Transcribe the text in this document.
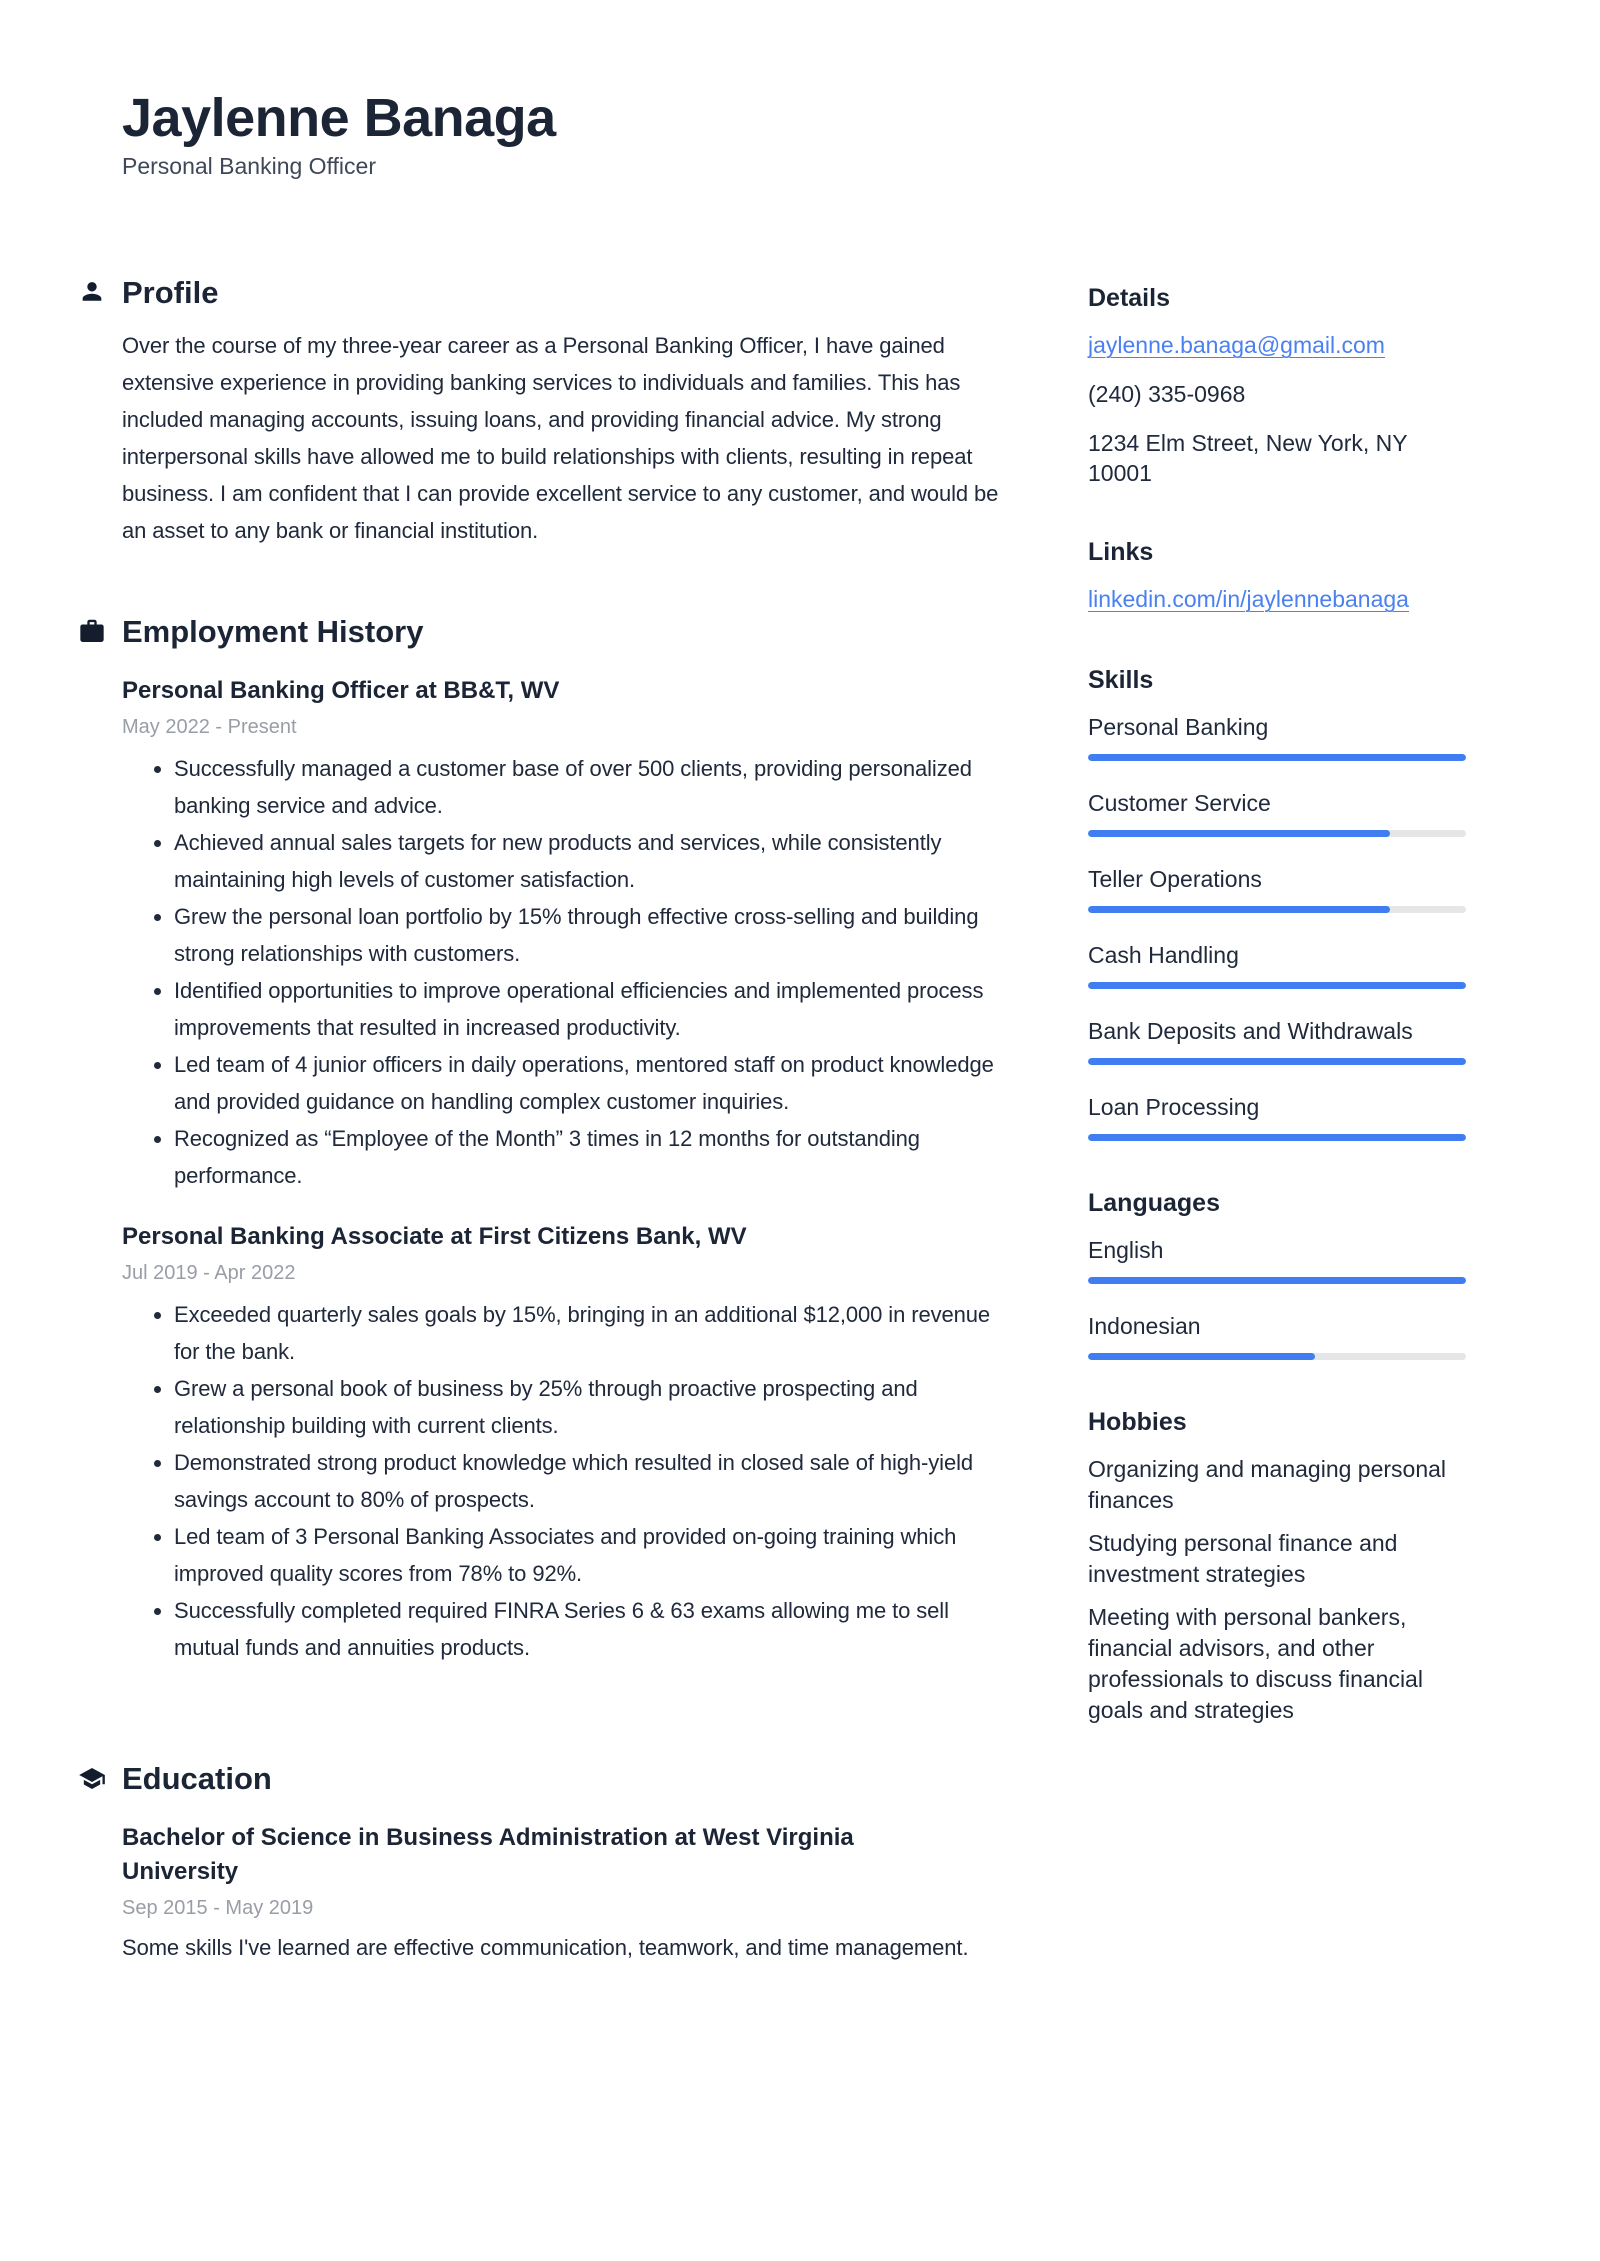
Jaylenne Banaga
Personal Banking Officer
Profile

Over the course of my three-year career as a Personal Banking Officer, I have gained extensive experience in providing banking services to individuals and families. This has included managing accounts, issuing loans, and providing financial advice. My strong interpersonal skills have allowed me to build relationships with clients, resulting in repeat business. I am confident that I can provide excellent service to any customer, and would be an asset to any bank or financial institution.

Employment History
Personal Banking Officer at BB&T, WV
May 2022 - Present
• Successfully managed a customer base of over 500 clients, providing personalized banking service and advice.
• Achieved annual sales targets for new products and services, while consistently maintaining high levels of customer satisfaction.
• Grew the personal loan portfolio by 15% through effective cross-selling and building strong relationships with customers.
• Identified opportunities to improve operational efficiencies and implemented process improvements that resulted in increased productivity.
• Led team of 4 junior officers in daily operations, mentored staff on product knowledge and provided guidance on handling complex customer inquiries.
• Recognized as “Employee of the Month” 3 times in 12 months for outstanding performance.
Personal Banking Associate at First Citizens Bank, WV
Jul 2019 - Apr 2022
• Exceeded quarterly sales goals by 15%, bringing in an additional $12,000 in revenue for the bank.
• Grew a personal book of business by 25% through proactive prospecting and relationship building with current clients.
• Demonstrated strong product knowledge which resulted in closed sale of high-yield savings account to 80% of prospects.
• Led team of 3 Personal Banking Associates and provided on-going training which improved quality scores from 78% to 92%.
• Successfully completed required FINRA Series 6 & 63 exams allowing me to sell mutual funds and annuities products.
Education
Bachelor of Science in Business Administration at West Virginia University
Sep 2015 - May 2019

Some skills I've learned are effective communication, teamwork, and time management.

Details
jaylenne.banaga@gmail.com
(240) 335-0968
1234 Elm Street, New York, NY 10001
Links
linkedin.com/in/jaylennebanaga
Skills
Personal Banking
Customer Service
Teller Operations
Cash Handling
Bank Deposits and Withdrawals
Loan Processing
Languages
English
Indonesian
Hobbies
Organizing and managing personal finances
Studying personal finance and investment strategies
Meeting with personal bankers, financial advisors, and other professionals to discuss financial goals and strategies
